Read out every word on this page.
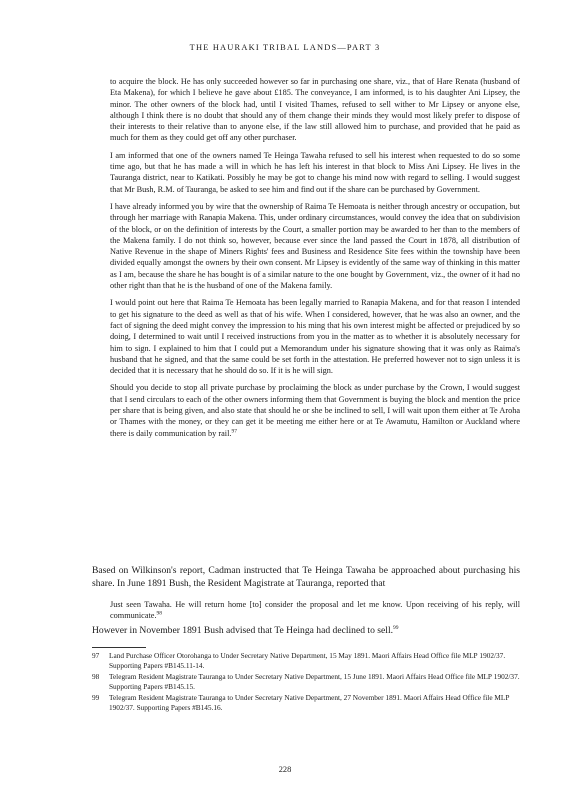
THE HAURAKI TRIBAL LANDS—PART 3

to acquire the block. He has only succeeded however so far in purchasing one share, viz., that of Hare Renata (husband of Eta Makena), for which I believe he gave about £185. The conveyance, I am informed, is to his daughter Ani Lipsey, the minor. The other owners of the block had, until I visited Thames, refused to sell wither to Mr Lipsey or anyone else, although I think there is no doubt that should any of them change their minds they would most likely prefer to dispose of their interests to their relative than to anyone else, if the law still allowed him to purchase, and provided that he paid as much for them as they could get off any other purchaser.

I am informed that one of the owners named Te Heinga Tawaha refused to sell his interest when requested to do so some time ago, but that he has made a will in which he has left his interest in that block to Miss Ani Lipsey. He lives in the Tauranga district, near to Katikati. Possibly he may be got to change his mind now with regard to selling. I would suggest that Mr Bush, R.M. of Tauranga, be asked to see him and find out if the share can be purchased by Government.

I have already informed you by wire that the ownership of Raima Te Hemoata is neither through ancestry or occupation, but through her marriage with Ranapia Makena. This, under ordinary circumstances, would convey the idea that on subdivision of the block, or on the definition of interests by the Court, a smaller portion may be awarded to her than to the members of the Makena family. I do not think so, however, because ever since the land passed the Court in 1878, all distribution of Native Revenue in the shape of Miners Rights' fees and Business and Residence Site fees within the township have been divided equally amongst the owners by their own consent. Mr Lipsey is evidently of the same way of thinking in this matter as I am, because the share he has bought is of a similar nature to the one bought by Government, viz., the owner of it had no other right than that he is the husband of one of the Makena family.

I would point out here that Raima Te Hemoata has been legally married to Ranapia Makena, and for that reason I intended to get his signature to the deed as well as that of his wife. When I considered, however, that he was also an owner, and the fact of signing the deed might convey the impression to his ming that his own interest might be affected or prejudiced by so doing, I determined to wait until I received instructions from you in the matter as to whether it is absolutely necessary for him to sign. I explained to him that I could put a Memorandum under his signature showing that it was only as Raima's husband that he signed, and that the same could be set forth in the attestation. He preferred however not to sign unless it is decided that it is necessary that he should do so. If it is he will sign.

Should you decide to stop all private purchase by proclaiming the block as under purchase by the Crown, I would suggest that I send circulars to each of the other owners informing them that Government is buying the block and mention the price per share that is being given, and also state that should he or she be inclined to sell, I will wait upon them either at Te Aroha or Thames with the money, or they can get it be meeting me either here or at Te Awamutu, Hamilton or Auckland where there is daily communication by rail.$^{97}$

Based on Wilkinson's report, Cadman instructed that Te Heinga Tawaha be approached about purchasing his share. In June 1891 Bush, the Resident Magistrate at Tauranga, reported that

Just seen Tawaha. He will return home [to] consider the proposal and let me know. Upon receiving of his reply, will communicate.$^{98}$

However in November 1891 Bush advised that Te Heinga had declined to sell.$^{99}$

97 Land Purchase Officer Otorohanga to Under Secretary Native Department, 15 May 1891. Maori Affairs Head Office file MLP 1902/37. Supporting Papers #B145.11-14.
98 Telegram Resident Magistrate Tauranga to Under Secretary Native Department, 15 June 1891. Maori Affairs Head Office file MLP 1902/37. Supporting Papers #B145.15.
99 Telegram Resident Magistrate Tauranga to Under Secretary Native Department, 27 November 1891. Maori Affairs Head Office file MLP 1902/37. Supporting Papers #B145.16.
228
